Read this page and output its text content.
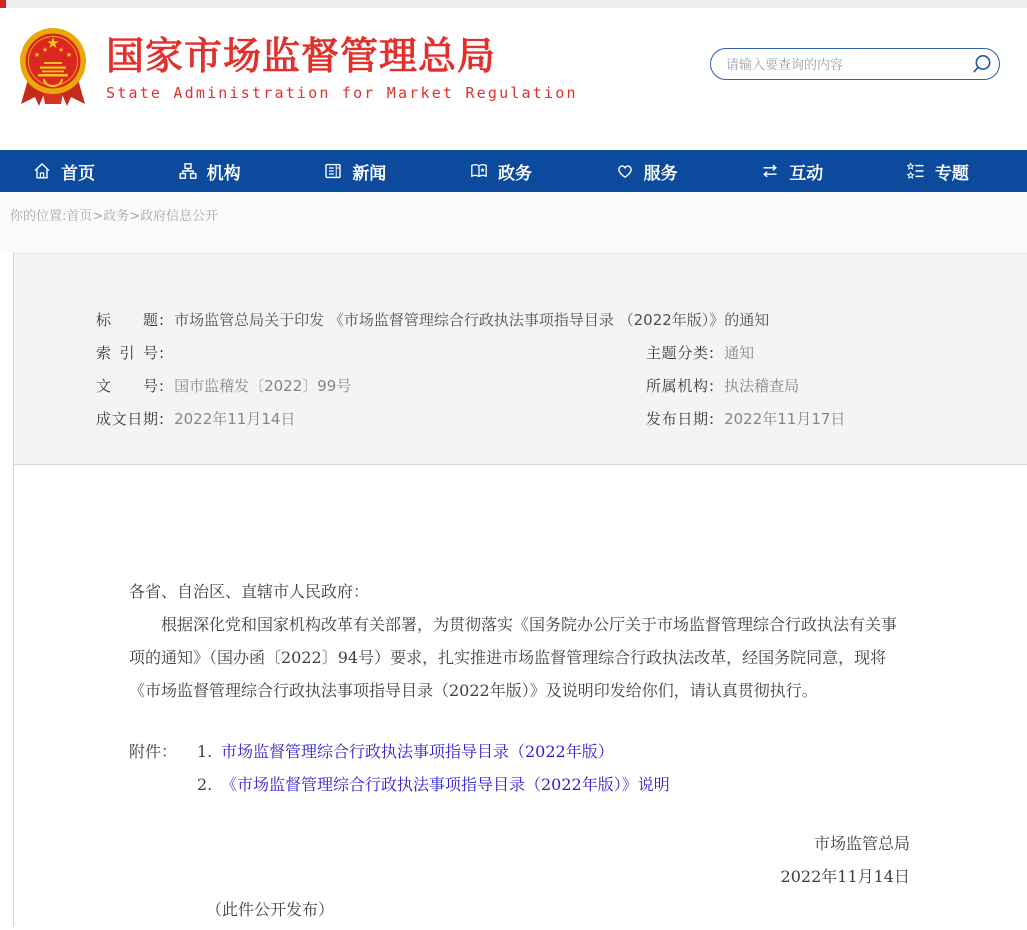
★
★
★ ★
★ 国家市场监督管理总局
State Administration for Market Regulation
请输入要查询的内容
首页	机构	新闻	政务	服务	互动	专题
你的位置:首页>政务>政府信息公开
标题 : 市场监管总局关于印发 《市场监督管理综合行政执法事项指导目录 （2022年版）》的通知
索引号 :	主题分类 : 通知
文号 : 国市监稽发〔2022〕99号	所属机构 : 执法稽查局
成文日期 : 2022年11月14日	发布日期 : 2022年11月17日
各省、自治区、直辖市人民政府：
根据深化党和国家机构改革有关部署，为贯彻落实《国务院办公厅关于市场监督管理综合行政执法有关事项的通知》（国办函〔2022〕94号）要求，扎实推进市场监督管理综合行政执法改革，经国务院同意，现将《市场监督管理综合行政执法事项指导目录（2022年版）》及说明印发给你们，请认真贯彻执行。
附件：	1. 市场监督管理综合行政执法事项指导目录（2022年版）
2. 《市场监督管理综合行政执法事项指导目录（2022年版）》说明
市场监管总局
2022年11月14日
（此件公开发布）
